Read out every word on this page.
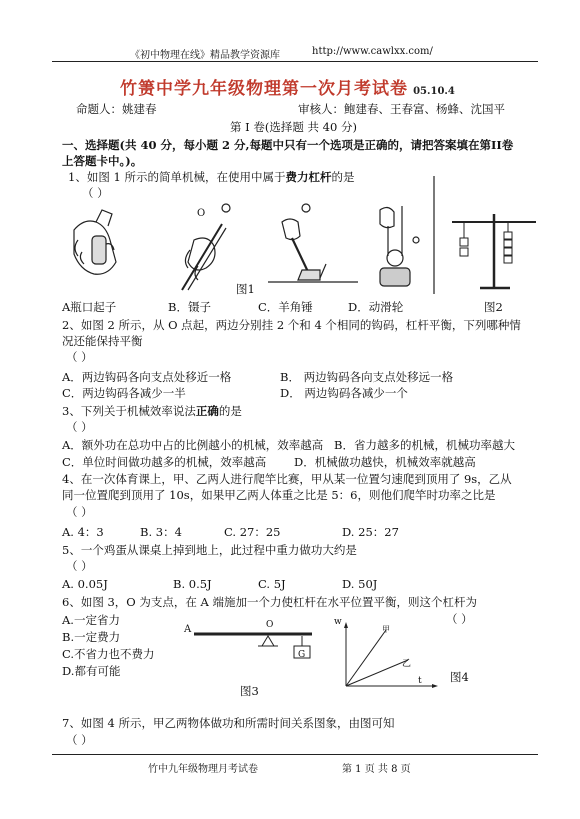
《初中物理在线》精品教学资源库	http://www.cawlxx.com/
竹箦中学九年级物理第一次月考试卷 05.10.4
命题人：姚建春	审核人：鲍建春、王春富、杨蜂、沈国平
第 I 卷(选择题 共 40 分)
一、选择题(共 40 分，每小题 2 分,每题中只有一个选项是正确的，请把答案填在第II卷
上答题卡中。)。
1、如图 1 所示的简单机械，在使用中属于费力杠杆的是
（ ）
图1
O
A瓶口起子	B．镊子	C．羊角锤	D．动滑轮	图2
2、如图 2 所示，从 O 点起，两边分别挂 2 个和 4 个相同的钩码，杠杆平衡，下列哪种情
况还能保持平衡
（ ）
A．两边钩码各向支点处移近一格	B． 两边钩码各向支点处移远一格
C．两边钩码各减少一半	D． 两边钩码各减少一个
3、下列关于机械效率说法正确的是
（ ）
A．额外功在总功中占的比例越小的机械，效率越高 B．省力越多的机械，机械功率越大
C．单位时间做功越多的机械，效率越高 D．机械做功越快，机械效率就越高
4、在一次体育课上，甲、乙两人进行爬竿比赛，甲从某一位置匀速爬到顶用了 9s，乙从
同一位置爬到顶用了 10s，如果甲乙两人体重之比是 5：6，则他们爬竿时功率之比是
（ ）
A. 4：3	B. 3：4	C. 27：25	D. 25：27
5、一个鸡蛋从课桌上掉到地上，此过程中重力做功大约是
（ ）
A. 0.05J	B. 0.5J	C. 5J	D. 50J
6、如图 3，O 为支点，在 A 端施加一个力使杠杆在水平位置平衡，则这个杠杆为
（ ）
A.一定省力
B.一定费力
C.不省力也不费力
D.都有可能
A	O
G
图3
w
t
甲
乙
图4
7、如图 4 所示，甲乙两物体做功和所需时间关系图象，由图可知
（ ）
竹中九年级物理月考试卷	第 1 页 共 8 页
